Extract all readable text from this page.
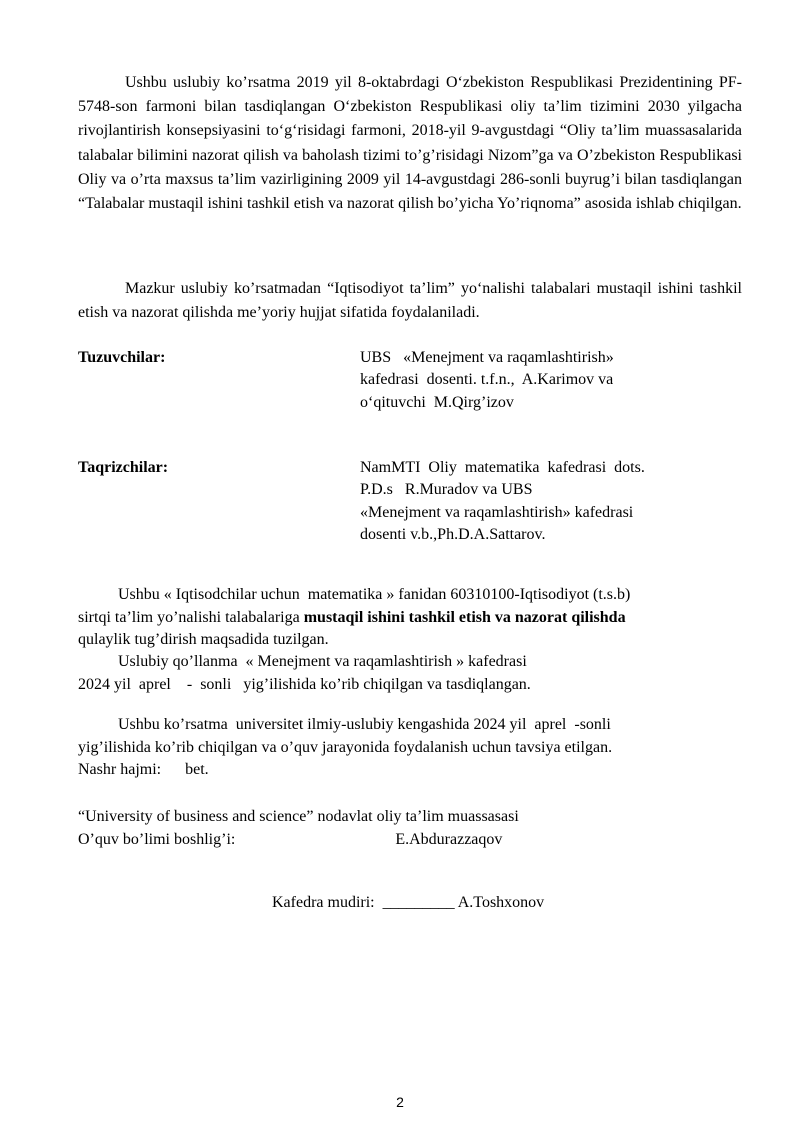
Ushbu uslubiy ko’rsatma 2019 yil 8-oktabrdagi O‘zbekiston Respublikasi Prezidentining PF-5748-son farmoni bilan tasdiqlangan O‘zbekiston Respublikasi oliy ta’lim tizimini 2030 yilgacha rivojlantirish konsepsiyasini to‘g‘risidagi farmoni, 2018-yil 9-avgustdagi “Oliy ta’lim muassasalarida talabalar bilimini nazorat qilish va baholash tizimi to’g’risidagi Nizom”ga va O’zbekiston Respublikasi Oliy va o’rta maxsus ta’lim vazirligining 2009 yil 14-avgustdagi 286-sonli buyrug’i bilan tasdiqlangan “Talabalar mustaqil ishini tashkil etish va nazorat qilish bo’yicha Yo’riqnoma” asosida ishlab chiqilgan.

Mazkur uslubiy ko’rsatmadan “Iqtisodiyot ta’lim” yo‘nalishi talabalari mustaqil ishini tashkil etish va nazorat qilishda me’yoriy hujjat sifatida foydalaniladi.

Tuzuvchilar:	UBS   «Menejment va raqamlashtirish»
kafedrasi  dosenti. t.f.n.,  A.Karimov va
o‘qituvchi  M.Qirg’izov
Taqrizchilar:	NamMTI  Oliy  matematika  kafedrasi  dots.
P.D.s   R.Muradov va UBS
«Menejment va raqamlashtirish» kafedrasi
dosenti v.b.,Ph.D.A.Sattarov.
Ushbu « Iqtisodchilar uchun  matematika » fanidan 60310100-Iqtisodiyot (t.s.b)
sirtqi ta’lim yo’nalishi talabalariga mustaqil ishini tashkil etish va nazorat qilishda
qulaylik tug’dirish maqsadida tuzilgan.
Uslubiy qo’llanma  « Menejment va raqamlashtirish » kafedrasi
2024 yil  aprel    -  sonli   yig’ilishida ko’rib chiqilgan va tasdiqlangan.
Ushbu ko’rsatma  universitet ilmiy-uslubiy kengashida 2024 yil  aprel  -sonli
yig’ilishida ko’rib chiqilgan va o’quv jarayonida foydalanish uchun tavsiya etilgan.
Nashr hajmi:      bet.
“University of business and science” nodavlat oliy ta’lim muassasasi
O’quv bo’limi boshlig’i:                                        E.Abdurazzaqov
Kafedra mudiri:  _________ A.Toshxonov
2
